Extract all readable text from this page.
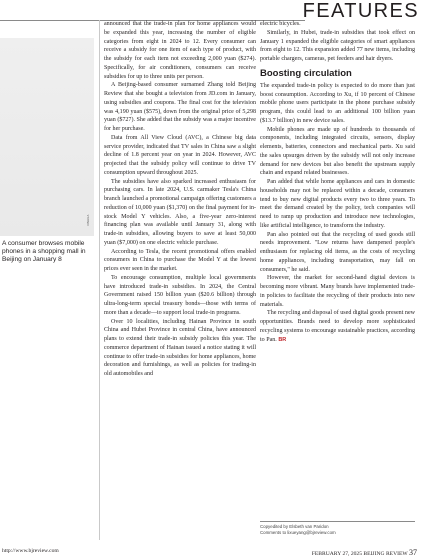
FEATURES
XINHUA
A consumer browses mobile phones in a shopping mall in Beijing on January 8

announced that the trade-in plan for home appliances would be expanded this year, increasing the number of eligible categories from eight in 2024 to 12. Every consumer can receive a subsidy for one item of each type of product, with the subsidy for each item not exceeding 2,000 yuan ($274). Specifically, for air conditioners, consumers can receive subsidies for up to three units per person.

A Beijing-based consumer surnamed Zhang told Beijing Review that she bought a television from JD.com in January, using subsidies and coupons. The final cost for the television was 4,190 yuan ($575), down from the original price of 5,298 yuan ($727). She added that the subsidy was a major incentive for her purchase.

Data from All View Cloud (AVC), a Chinese big data service provider, indicated that TV sales in China saw a slight decline of 1.8 percent year on year in 2024. However, AVC projected that the subsidy policy will continue to drive TV consumption upward throughout 2025.

The subsidies have also sparked increased enthusiasm for purchasing cars. In late 2024, U.S. carmaker Tesla's China branch launched a promotional campaign offering customers a reduction of 10,000 yuan ($1,370) on the final payment for in-stock Model Y vehicles. Also, a five-year zero-interest financing plan was available until January 31, along with trade-in subsidies, allowing buyers to save at least 50,000 yuan ($7,000) on one electric vehicle purchase.

According to Tesla, the recent promotional offers enabled consumers in China to purchase the Model Y at the lowest prices ever seen in the market.

To encourage consumption, multiple local governments have introduced trade-in subsidies. In 2024, the Central Government raised 150 billion yuan ($20.6 billion) through ultra-long-term special treasury bonds—those with terms of more than a decade—to support local trade-in programs.

Over 10 localities, including Hainan Province in south China and Hubei Province in central China, have announced plans to extend their trade-in subsidy policies this year. The commerce department of Hainan issued a notice stating it will continue to offer trade-in subsidies for home appliances, home decoration and furnishings, as well as policies for trading-in old automobiles and

electric bicycles.

Similarly, in Hubei, trade-in subsidies that took effect on January 1 expanded the eligible categories of smart appliances from eight to 12. This expansion added 77 new items, including portable chargers, cameras, pet feeders and hair dryers.

Boosting circulation

The expanded trade-in policy is expected to do more than just boost consumption. According to Xu, if 10 percent of Chinese mobile phone users participate in the phone purchase subsidy program, this could lead to an additional 100 billion yuan ($13.7 billion) in new device sales.

Mobile phones are made up of hundreds to thousands of components, including integrated circuits, sensors, display elements, batteries, connectors and mechanical parts. Xu said the sales upsurges driven by the subsidy will not only increase demand for new devices but also benefit the upstream supply chain and expand related businesses.

Pan added that while home appliances and cars in domestic households may not be replaced within a decade, consumers tend to buy new digital products every two to three years. To meet the demand created by the policy, tech companies will need to ramp up production and introduce new technologies, like artificial intelligence, to transform the industry.

Pan also pointed out that the recycling of used goods still needs improvement. "Low returns have dampened people's enthusiasm for replacing old items, as the costs of recycling home appliances, including transportation, may fall on consumers," he said.

However, the market for second-hand digital devices is becoming more vibrant. Many brands have implemented trade-in policies to facilitate the recycling of their products into new materials.

The recycling and disposal of used digital goods present new opportunities. Brands need to develop more sophisticated recycling systems to encourage sustainable practices, according to Pan. BR

Copyedited by Elsbeth van Paridon
Comments to lixueyang@bjreview.com
http://www.bjreview.com	FEBRUARY 27, 2025 BEIJING REVIEW 37
